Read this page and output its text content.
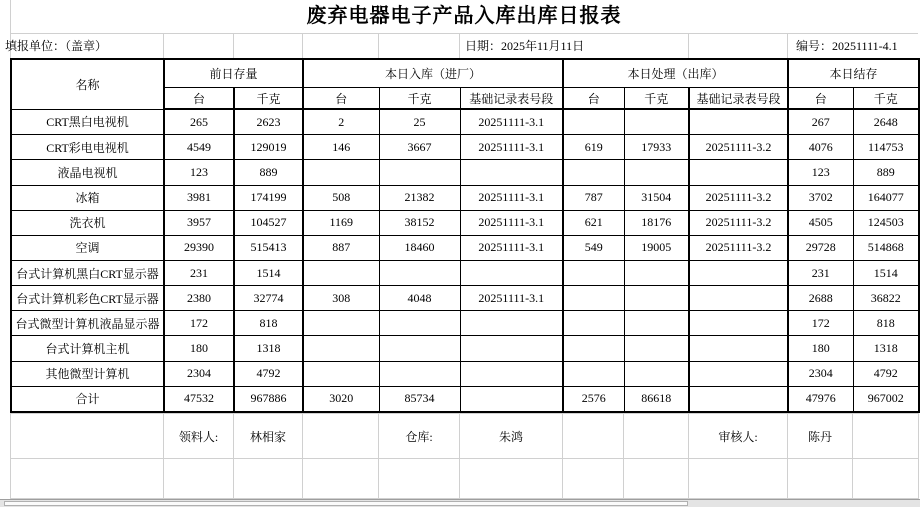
废弃电器电子产品入库出库日报表
填报单位：（盖章）	日期：2025年11月11日	编号：20251111-4.1
名称	前日存量		本日入库（进厂）			本日处理（出库）			本日结存	
	台	千克	台	千克	基础记录表号段	台	千克	基础记录表号段	台	千克
CRT黑白电视机	265	2623	2	25	20251111-3.1				267	2648
CRT彩电电视机	4549	129019	146	3667	20251111-3.1	619	17933	20251111-3.2	4076	114753
液晶电视机	123	889							123	889
冰箱	3981	174199	508	21382	20251111-3.1	787	31504	20251111-3.2	3702	164077
洗衣机	3957	104527	1169	38152	20251111-3.1	621	18176	20251111-3.2	4505	124503
空调	29390	515413	887	18460	20251111-3.1	549	19005	20251111-3.2	29728	514868
台式计算机黑白CRT显示器	231	1514							231	1514
台式计算机彩色CRT显示器	2380	32774	308	4048	20251111-3.1				2688	36822
台式微型计算机液晶显示器	172	818							172	818
台式计算机主机	180	1318							180	1318
其他微型计算机	2304	4792							2304	4792
合计	47532	967886	3020	85734		2576	86618		47976	967002
	领料人:	林相家		仓库:	朱鸿			审核人:	陈丹	
